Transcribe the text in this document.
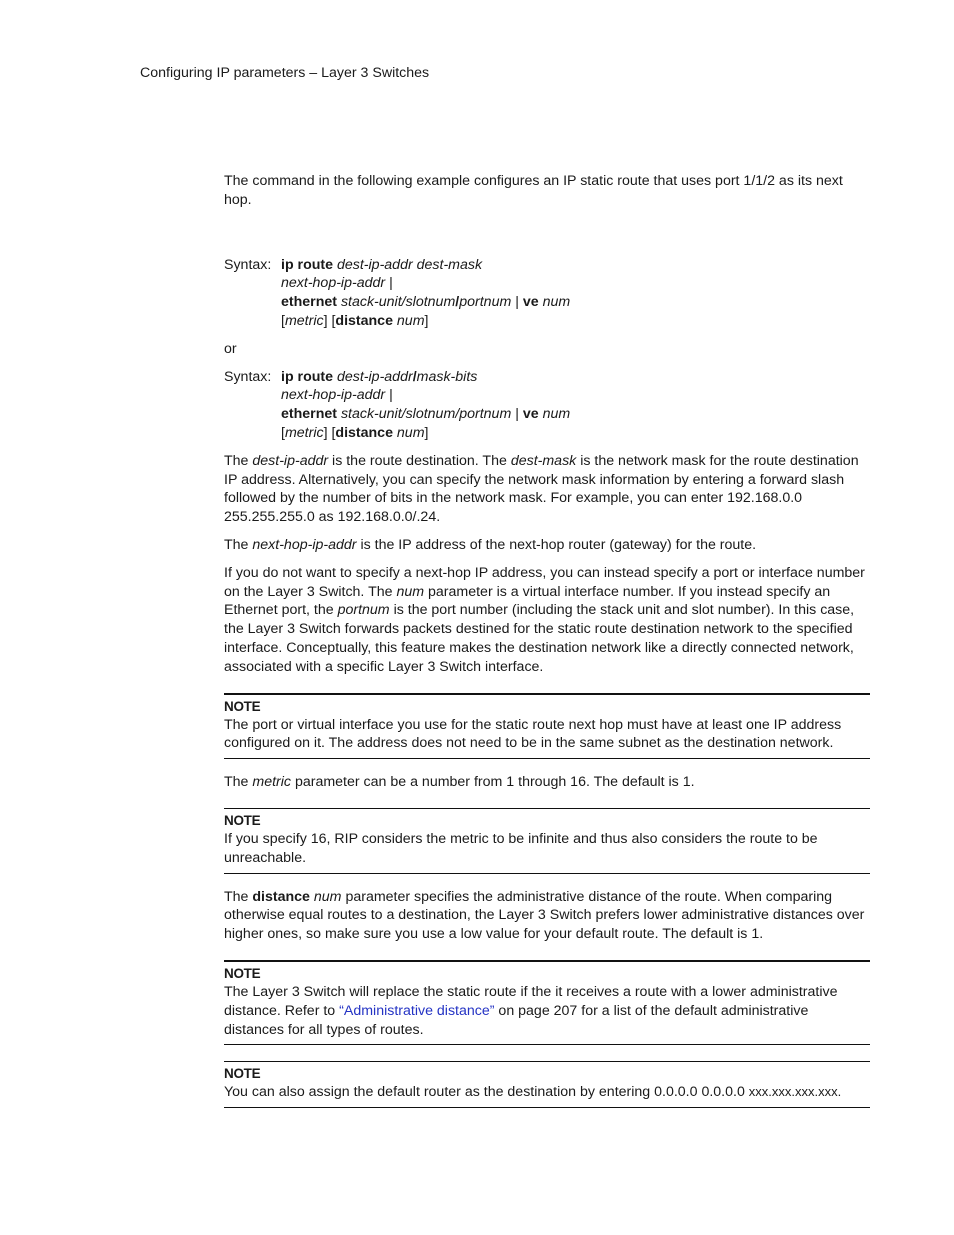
Configuring IP parameters – Layer 3 Switches

The command in the following example configures an IP static route that uses port 1/1/2 as its next hop.

Syntax: ip route dest-ip-addr dest-mask
next-hop-ip-addr |
ethernet stack-unit/slotnum/portnum | ve num
[metric] [distance num]
or
Syntax: ip route dest-ip-addr/mask-bits
next-hop-ip-addr |
ethernet stack-unit/slotnum/portnum | ve num
[metric] [distance num]

The dest-ip-addr is the route destination. The dest-mask is the network mask for the route destination IP address. Alternatively, you can specify the network mask information by entering a forward slash followed by the number of bits in the network mask. For example, you can enter 192.168.0.0 255.255.255.0 as 192.168.0.0/.24.

The next-hop-ip-addr is the IP address of the next-hop router (gateway) for the route.

If you do not want to specify a next-hop IP address, you can instead specify a port or interface number on the Layer 3 Switch. The num parameter is a virtual interface number. If you instead specify an Ethernet port, the portnum is the port number (including the stack unit and slot number). In this case, the Layer 3 Switch forwards packets destined for the static route destination network to the specified interface. Conceptually, this feature makes the destination network like a directly connected network, associated with a specific Layer 3 Switch interface.

NOTE
The port or virtual interface you use for the static route next hop must have at least one IP address configured on it. The address does not need to be in the same subnet as the destination network.

The metric parameter can be a number from 1 through 16. The default is 1.

NOTE
If you specify 16, RIP considers the metric to be infinite and thus also considers the route to be unreachable.

The distance num parameter specifies the administrative distance of the route. When comparing otherwise equal routes to a destination, the Layer 3 Switch prefers lower administrative distances over higher ones, so make sure you use a low value for your default route. The default is 1.

NOTE
The Layer 3 Switch will replace the static route if the it receives a route with a lower administrative distance. Refer to “Administrative distance” on page 207 for a list of the default administrative distances for all types of routes.
NOTE
You can also assign the default router as the destination by entering 0.0.0.0 0.0.0.0 xxx.xxx.xxx.xxx.
